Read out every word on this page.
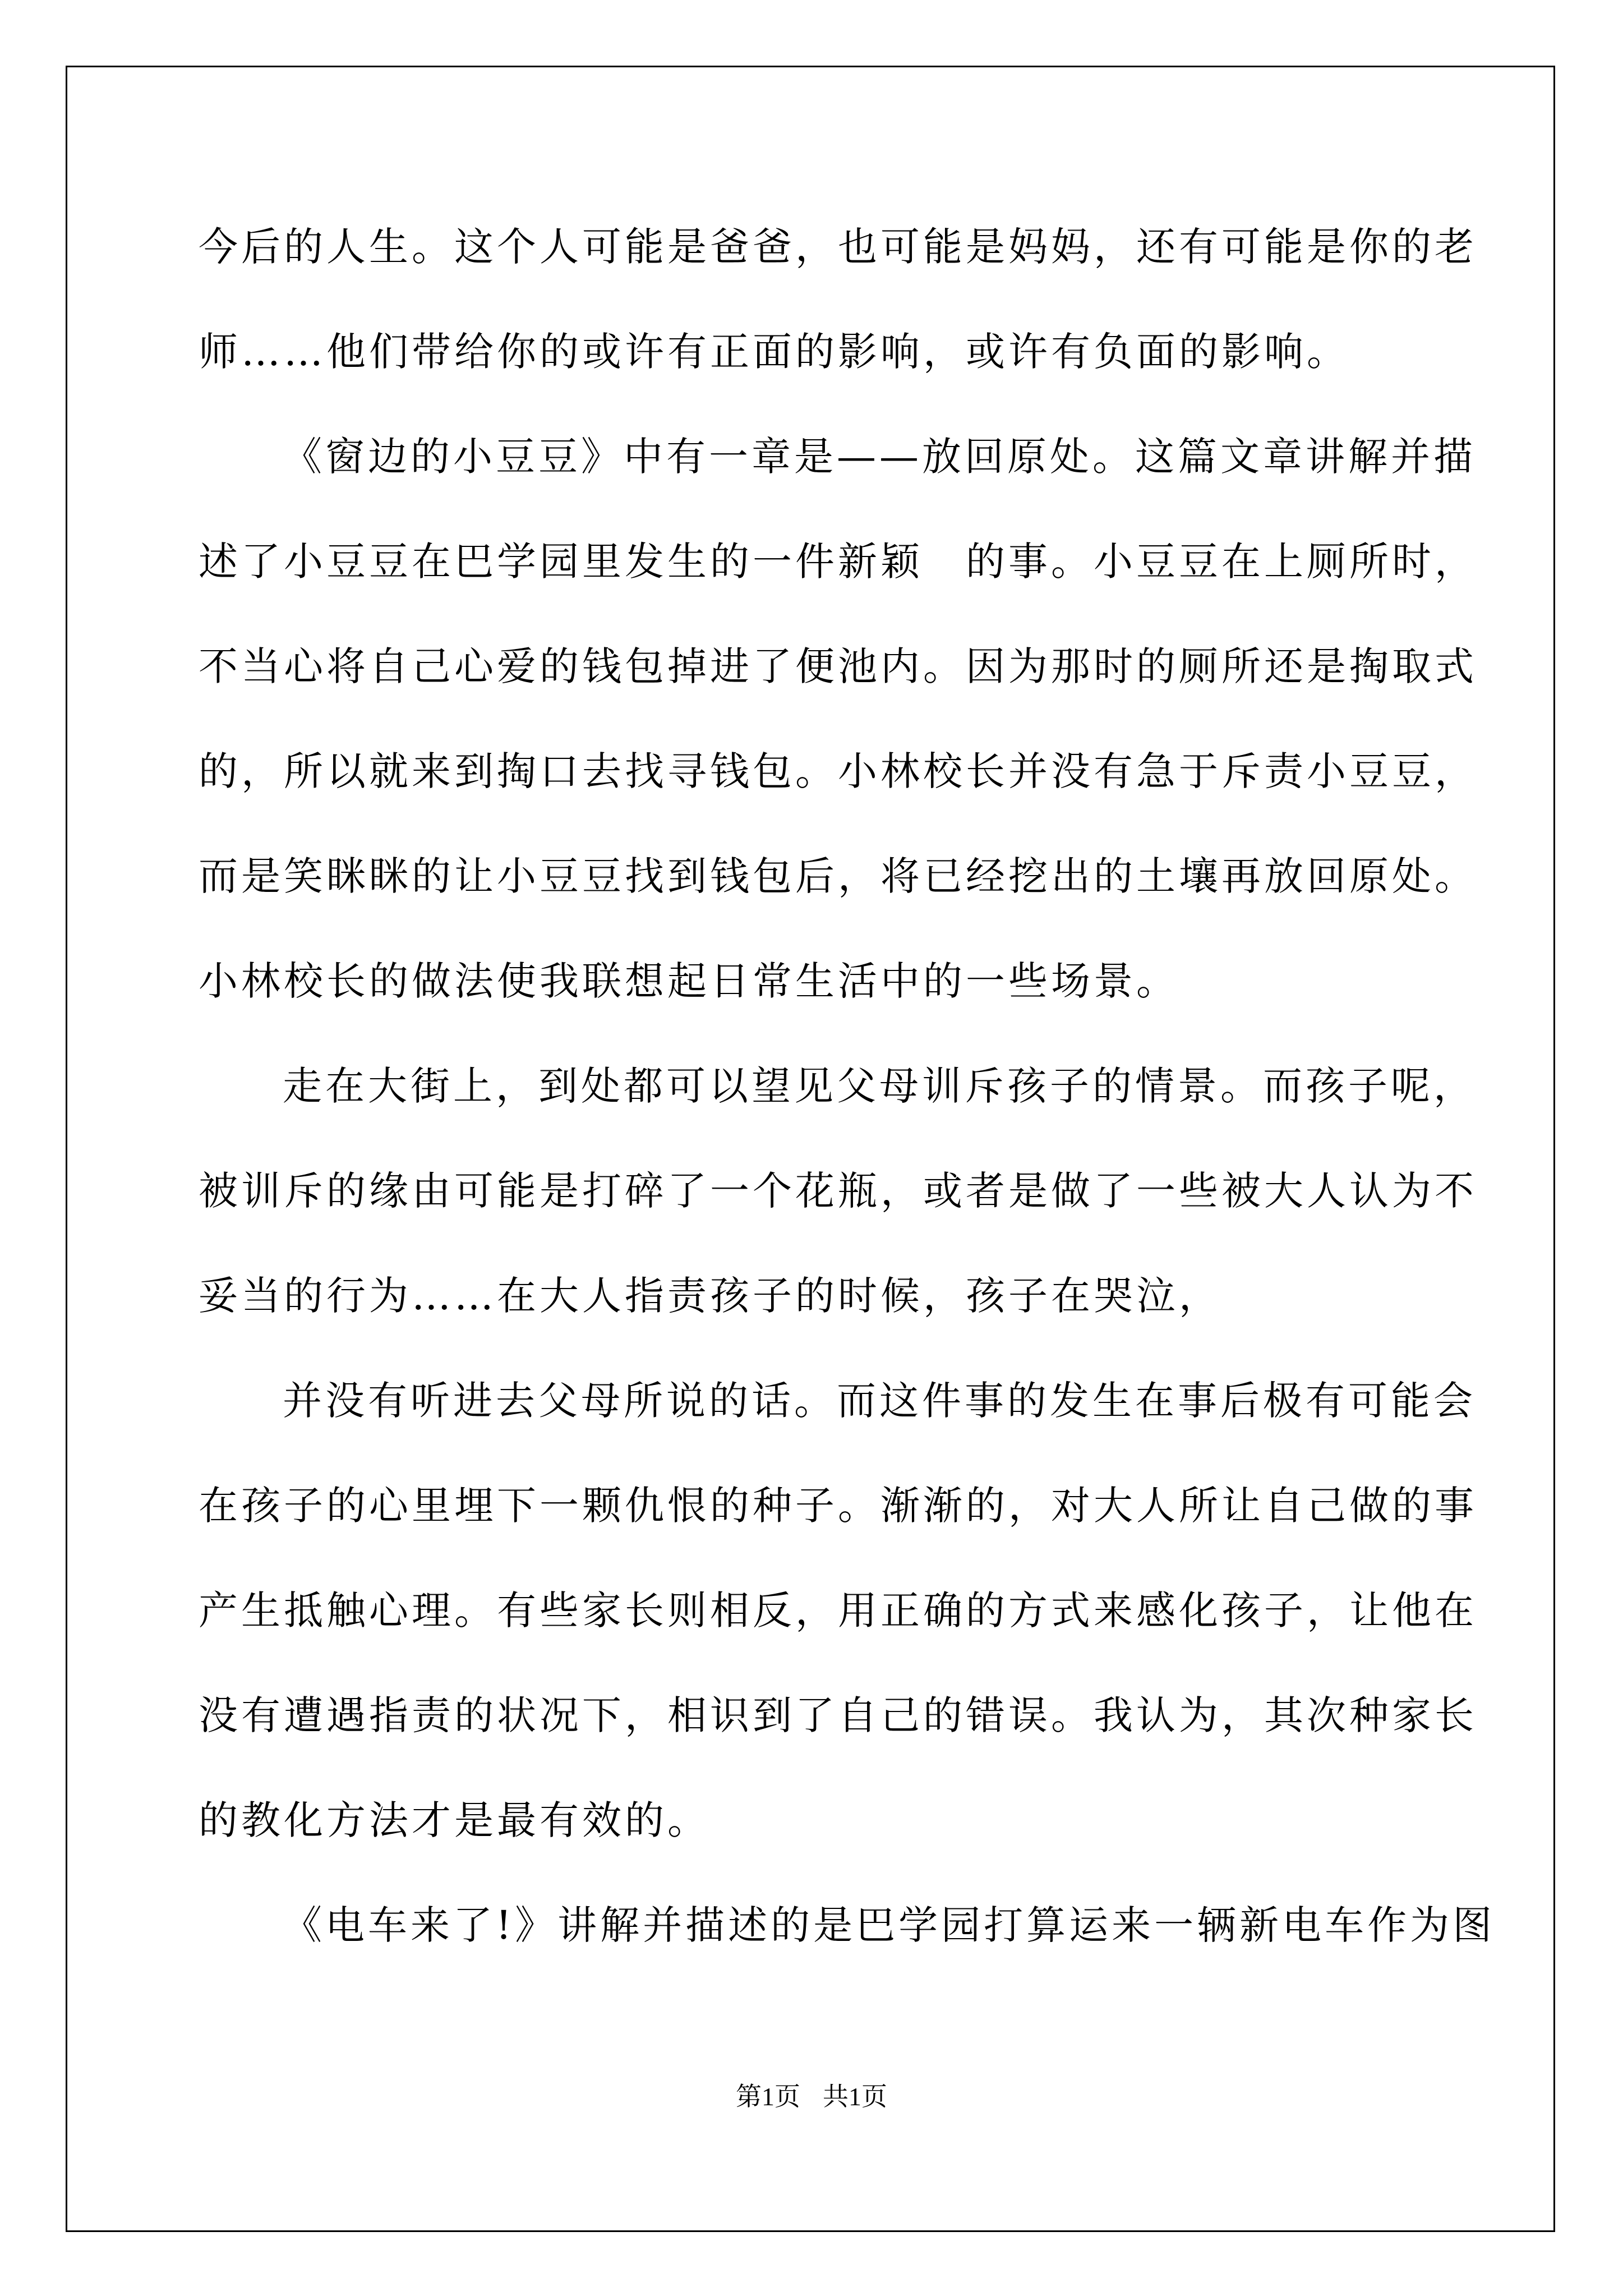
今后的人生。这个人可能是爸爸，也可能是妈妈，还有可能是你的老
师……他们带给你的或许有正面的影响，或许有负面的影响。
《窗边的小豆豆》中有一章是——放回原处。这篇文章讲解并描
述了小豆豆在巴学园里发生的一件新颖　的事。小豆豆在上厕所时，
不当心将自己心爱的钱包掉进了便池内。因为那时的厕所还是掏取式
的，所以就来到掏口去找寻钱包。小林校长并没有急于斥责小豆豆，
而是笑眯眯的让小豆豆找到钱包后，将已经挖出的土壤再放回原处。
小林校长的做法使我联想起日常生活中的一些场景。
走在大街上，到处都可以望见父母训斥孩子的情景。而孩子呢，
被训斥的缘由可能是打碎了一个花瓶，或者是做了一些被大人认为不
妥当的行为……在大人指责孩子的时候，孩子在哭泣，
并没有听进去父母所说的话。而这件事的发生在事后极有可能会
在孩子的心里埋下一颗仇恨的种子。渐渐的，对大人所让自己做的事
产生抵触心理。有些家长则相反，用正确的方式来感化孩子，让他在
没有遭遇指责的状况下，相识到了自己的错误。我认为，其次种家长
的教化方法才是最有效的。
《电车来了!》讲解并描述的是巴学园打算运来一辆新电车作为图
第1页 共1页
